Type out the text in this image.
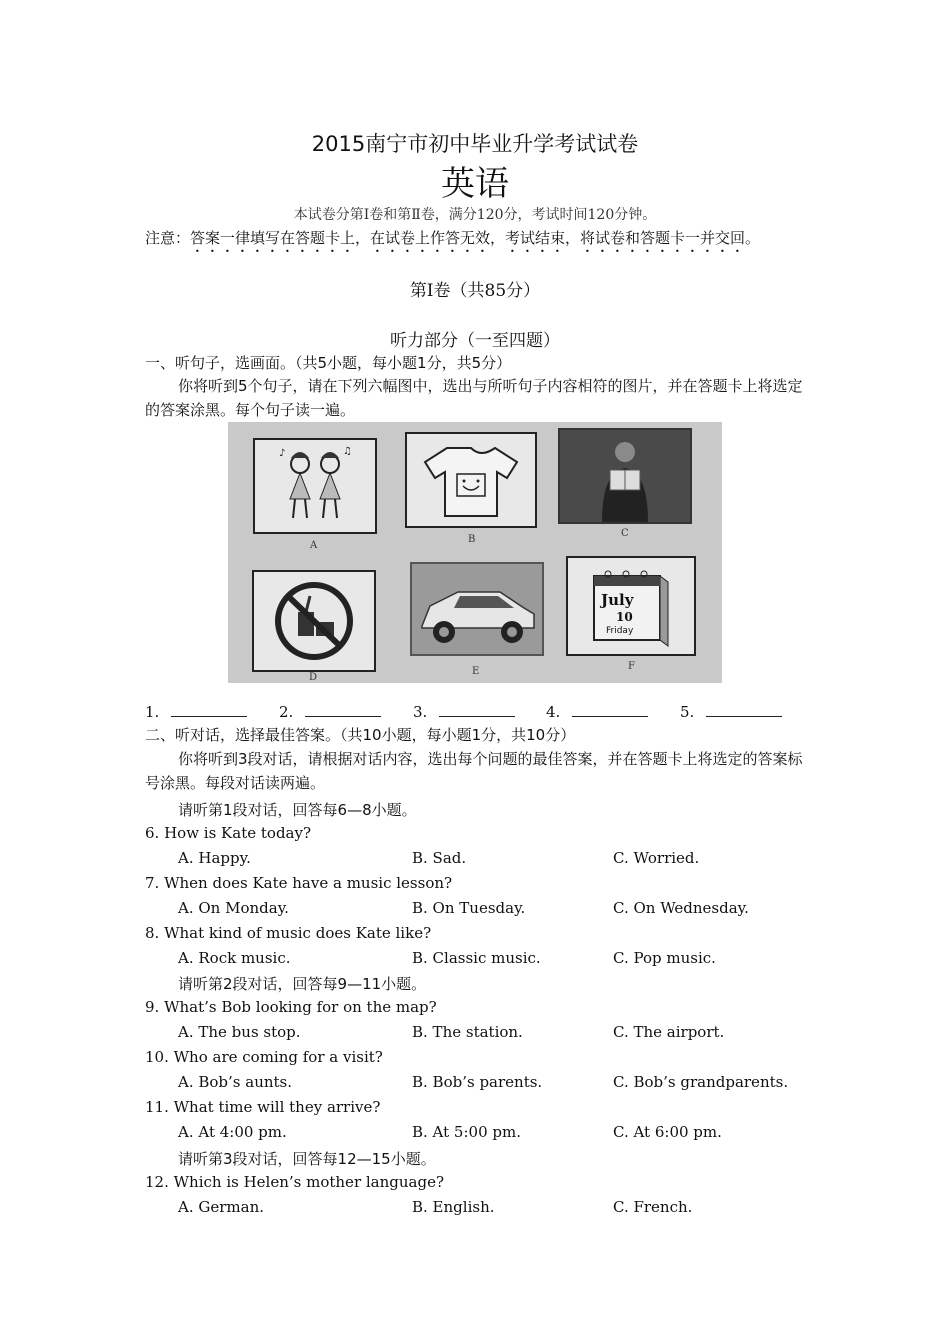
2015南宁市初中毕业升学考试试卷
英语
本试卷分第Ⅰ卷和第Ⅱ卷，满分120分，考试时间120分钟。
注意：答案一律填写在答题卡上，在试卷上作答无效，考试结束，将试卷和答题卡一并交回。
第Ⅰ卷（共85分）
听力部分（一至四题）
一、听句子，选画面。（共5小题，每小题1分，共5分）
你将听到5个句子，请在下列六幅图中，选出与所听句子内容相符的图片，并在答题卡上将选定的答案涂黑。每个句子读一遍。
♪	♫
A
B
C
D
E
July
10
Friday
F
1.	2.	3.	4.	5.
二、听对话，选择最佳答案。（共10小题，每小题1分，共10分）
你将听到3段对话，请根据对话内容，选出每个问题的最佳答案，并在答题卡上将选定的答案标号涂黑。每段对话读两遍。
请听第1段对话，回答每6—8小题。
6. How is Kate today?
A. Happy.	B. Sad.	C. Worried.
7. When does Kate have a music lesson?
A. On Monday.	B. On Tuesday.	C. On Wednesday.
8. What kind of music does Kate like?
A. Rock music.	B. Classic music.	C. Pop music.
请听第2段对话，回答每9—11小题。
9. What’s Bob looking for on the map?
A. The bus stop.	B. The station.	C. The airport.
10. Who are coming for a visit?
A. Bob’s aunts.	B. Bob’s parents.	C. Bob’s grandparents.
11. What time will they arrive?
A. At 4:00 pm.	B. At 5:00 pm.	C. At 6:00 pm.
请听第3段对话，回答每12—15小题。
12. Which is Helen’s mother language?
A. German.	B. English.	C. French.
